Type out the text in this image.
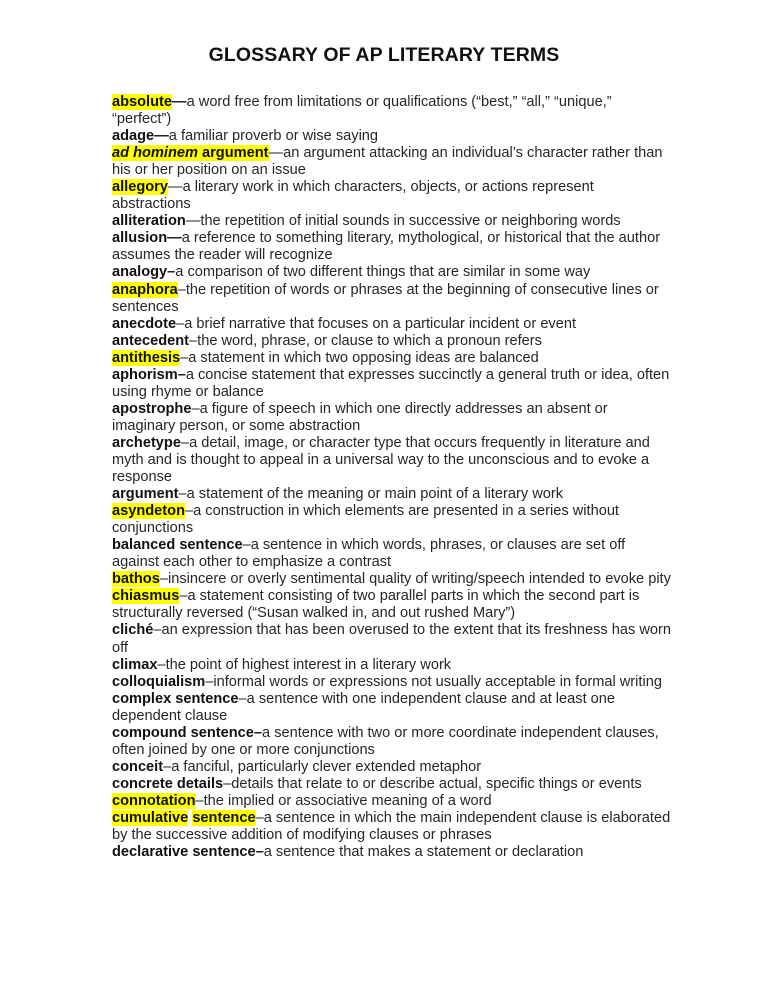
GLOSSARY OF AP LITERARY TERMS

absolute—a word free from limitations or qualifications (“best,” “all,” “unique,” “perfect”)

adage—a familiar proverb or wise saying

ad hominem argument—an argument attacking an individual’s character rather than his or her position on an issue

allegory—a literary work in which characters, objects, or actions represent abstractions

alliteration—the repetition of initial sounds in successive or neighboring words

allusion—a reference to something literary, mythological, or historical that the author assumes the reader will recognize

analogy–a comparison of two different things that are similar in some way

anaphora–the repetition of words or phrases at the beginning of consecutive lines or sentences

anecdote–a brief narrative that focuses on a particular incident or event

antecedent–the word, phrase, or clause to which a pronoun refers

antithesis–a statement in which two opposing ideas are balanced

aphorism–a concise statement that expresses succinctly a general truth or idea, often using rhyme or balance

apostrophe–a figure of speech in which one directly addresses an absent or imaginary person, or some abstraction

archetype–a detail, image, or character type that occurs frequently in literature and myth and is thought to appeal in a universal way to the unconscious and to evoke a response

argument–a statement of the meaning or main point of a literary work

asyndeton–a construction in which elements are presented in a series without conjunctions

balanced sentence–a sentence in which words, phrases, or clauses are set off against each other to emphasize a contrast

bathos–insincere or overly sentimental quality of writing/speech intended to evoke pity

chiasmus–a statement consisting of two parallel parts in which the second part is structurally reversed (“Susan walked in, and out rushed Mary”)

cliché–an expression that has been overused to the extent that its freshness has worn off

climax–the point of highest interest in a literary work

colloquialism–informal words or expressions not usually acceptable in formal writing

complex sentence–a sentence with one independent clause and at least one dependent clause

compound sentence–a sentence with two or more coordinate independent clauses, often joined by one or more conjunctions

conceit–a fanciful, particularly clever extended metaphor

concrete details–details that relate to or describe actual, specific things or events

connotation–the implied or associative meaning of a word

cumulative sentence–a sentence in which the main independent clause is elaborated by the successive addition of modifying clauses or phrases

declarative sentence–a sentence that makes a statement or declaration
